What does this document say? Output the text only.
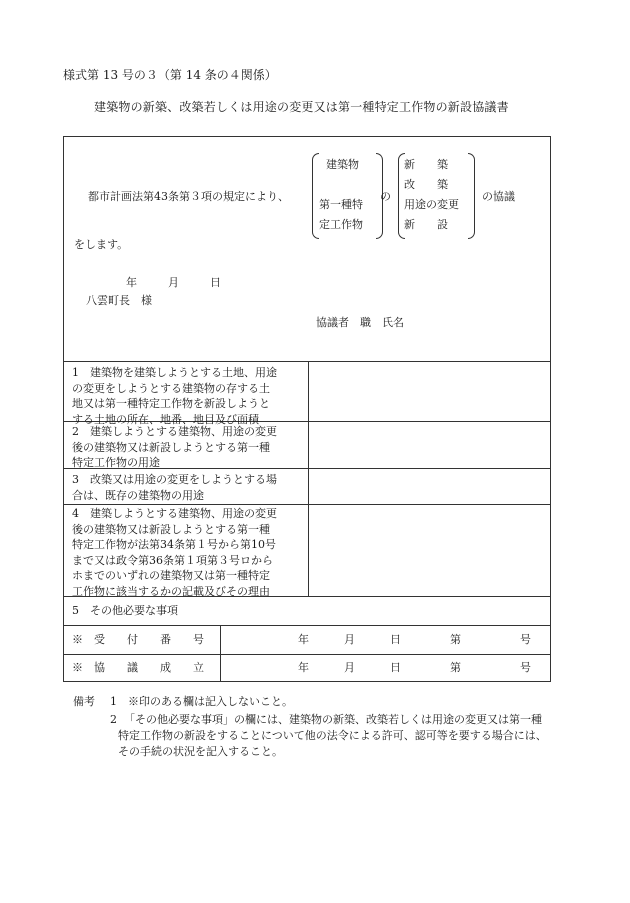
様式第 13 号の３（第 14 条の４関係）
建築物の新築、改築若しくは用途の変更又は第一種特定工作物の新設協議書
都市計画法第43条第３項の規定により、
建築物
第一種特
定工作物
の
新　　築
改　　築
用途の変更
新　　設
の協議
をします。
年	月	日
八雲町長　様
協議者　職　氏名
1　建築物を建築しようとする土地、用途
の変更をしようとする建築物の存する土
地又は第一種特定工作物を新設しようと
する土地の所在、地番、地目及び面積
2　建築しようとする建築物、用途の変更
後の建築物又は新設しようとする第一種
特定工作物の用途
3　改築又は用途の変更をしようとする場
合は、既存の建築物の用途
4　建築しようとする建築物、用途の変更
後の建築物又は新設しようとする第一種
特定工作物が法第34条第１号から第10号
まで又は政令第36条第１項第３号ロから
ホまでのいずれの建築物又は第一種特定
工作物に該当するかの記載及びその理由
5　その他必要な事項
※　受　　付　　番　　号	年	月	日	第	号
※　協　　議　　成　　立	年	月	日	第	号
備考 1 ※印のある欄は記入しないこと。
2 「その他必要な事項」の欄には、建築物の新築、改築若しくは用途の変更又は第一種
特定工作物の新設をすることについて他の法令による許可、認可等を要する場合には、
その手続の状況を記入すること。
